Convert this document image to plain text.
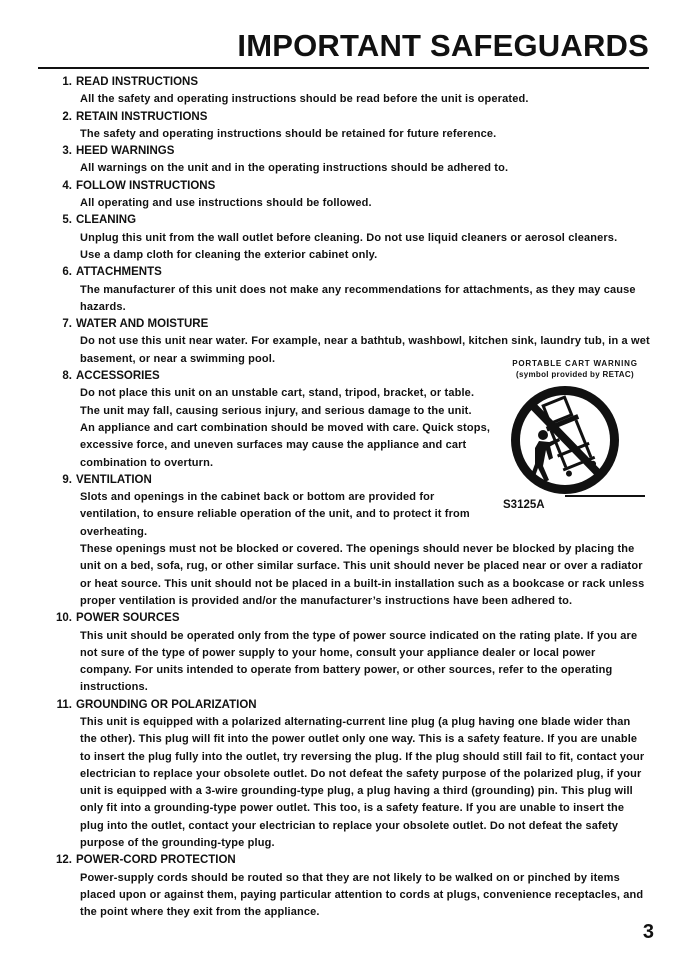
IMPORTANT SAFEGUARDS
1. READ INSTRUCTIONS

All the safety and operating instructions should be read before the unit is operated.

2. RETAIN INSTRUCTIONS

The safety and operating instructions should be retained for future reference.

3. HEED WARNINGS

All warnings on the unit and in the operating instructions should be adhered to.

4. FOLLOW INSTRUCTIONS

All operating and use instructions should be followed.

5. CLEANING

Unplug this unit from the wall outlet before cleaning. Do not use liquid cleaners or aerosol cleaners.

Use a damp cloth for cleaning the exterior cabinet only.

6. ATTACHMENTS

The manufacturer of this unit does not make any recommendations for attachments, as they may cause hazards.

7. WATER AND MOISTURE

Do not use this unit near water. For example, near a bathtub, washbowl, kitchen sink, laundry tub, in a wet basement, or near a swimming pool.

8. ACCESSORIES

Do not place this unit on an unstable cart, stand, tripod, bracket, or table.

The unit may fall, causing serious injury, and serious damage to the unit.

An appliance and cart combination should be moved with care. Quick stops, excessive force, and uneven surfaces may cause the appliance and cart combination to overturn.

9. VENTILATION

Slots and openings in the cabinet back or bottom are provided for ventilation, to ensure reliable operation of the unit, and to protect it from overheating.

These openings must not be blocked or covered. The openings should never be blocked by placing the unit on a bed, sofa, rug, or other similar surface. This unit should never be placed near or over a radiator or heat source. This unit should not be placed in a built-in installation such as a bookcase or rack unless proper ventilation is provided and/or the manufacturer’s instructions have been adhered to.

10. POWER SOURCES

This unit should be operated only from the type of power source indicated on the rating plate. If you are not sure of the type of power supply to your home, consult your appliance dealer or local power company. For units intended to operate from battery power, or other sources, refer to the operating instructions.

11. GROUNDING OR POLARIZATION

This unit is equipped with a polarized alternating-current line plug (a plug having one blade wider than the other). This plug will fit into the power outlet only one way. This is a safety feature. If you are unable to insert the plug fully into the outlet, try reversing the plug. If the plug should still fail to fit, contact your electrician to replace your obsolete outlet. Do not defeat the safety purpose of the polarized plug, if your unit is equipped with a 3-wire grounding-type plug, a plug having a third (grounding) pin. This plug will only fit into a grounding-type power outlet. This too, is a safety feature. If you are unable to insert the plug into the outlet, contact your electrician to replace your obsolete outlet. Do not defeat the safety purpose of the grounding-type plug.

12. POWER-CORD PROTECTION

Power-supply cords should be routed so that they are not likely to be walked on or pinched by items placed upon or against them, paying particular attention to cords at plugs, convenience receptacles, and the point where they exit from the appliance.

PORTABLE CART WARNING
(symbol provided by RETAC)
S3125A
3
